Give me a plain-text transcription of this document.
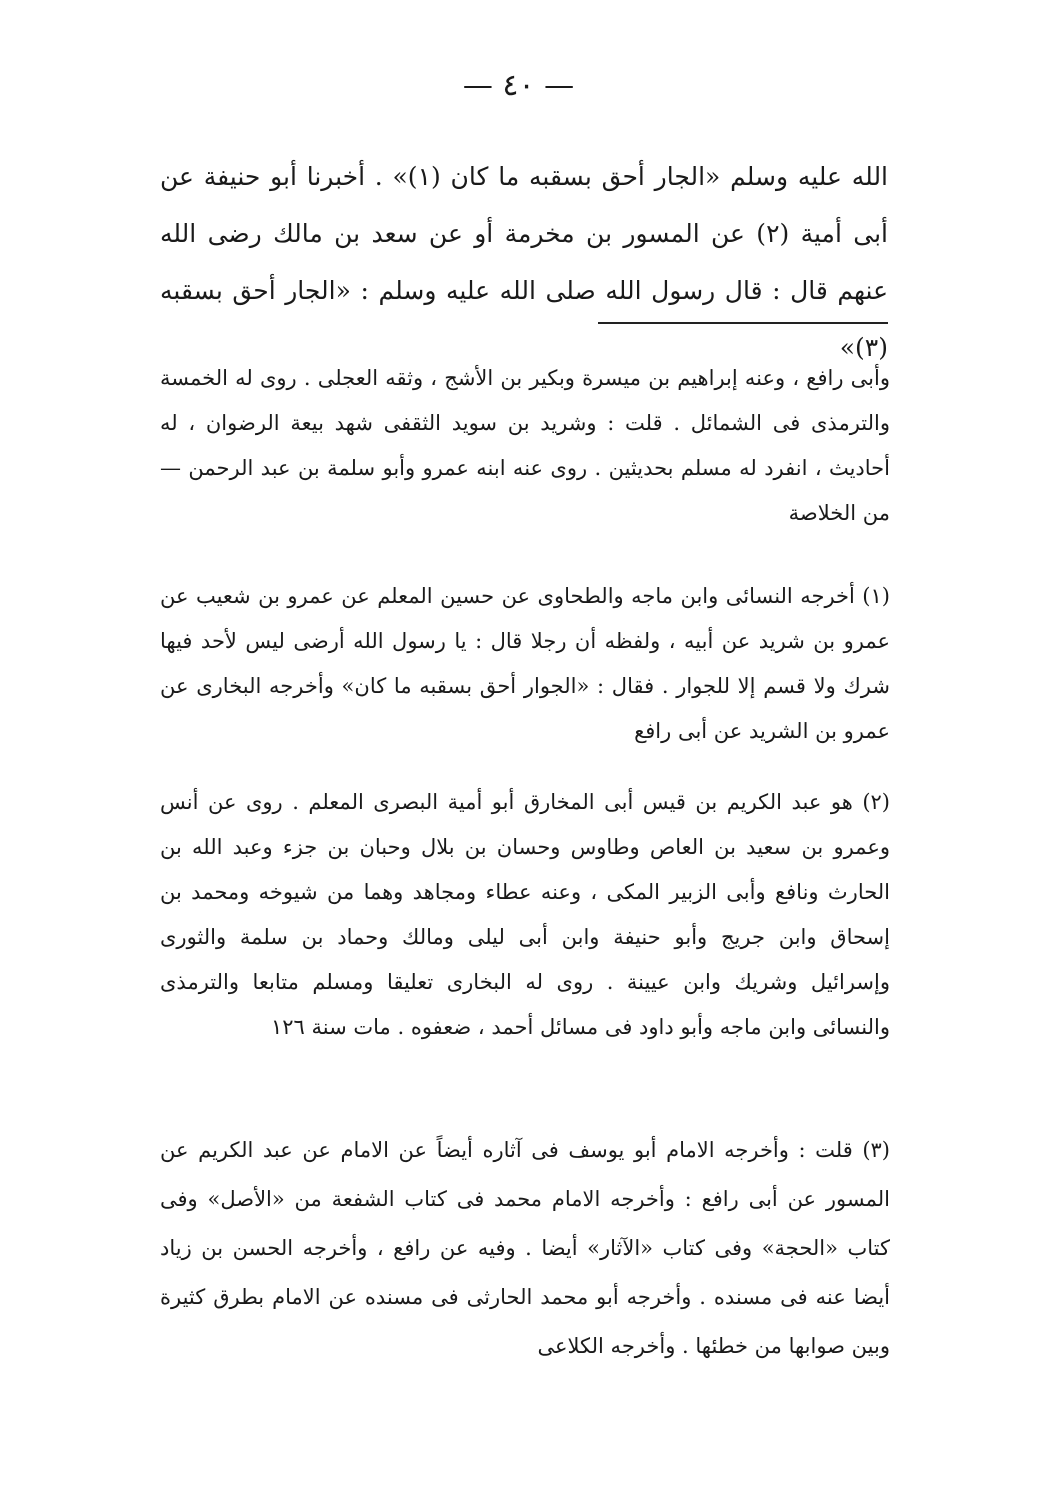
— ٤٠ —

الله عليه وسلم «الجار أحق بسقبه ما كان (١)» . أخبرنا أبو حنيفة عن أبى أمية (٢) عن المسور بن مخرمة أو عن سعد بن مالك رضى الله عنهم قال : قال رسول الله صلى الله عليه وسلم : «الجار أحق بسقبه (٣)»

وأبى رافع ، وعنه إبراهيم بن ميسرة وبكير بن الأشج ، وثقه العجلى . روى له الخمسة والترمذى فى الشمائل . قلت : وشريد بن سويد الثقفى شهد بيعة الرضوان ، له أحاديث ، انفرد له مسلم بحديثين . روى عنه ابنه عمرو وأبو سلمة بن عبد الرحمن — من الخلاصة

(١) أخرجه النسائى وابن ماجه والطحاوى عن حسين المعلم عن عمرو بن شعيب عن عمرو بن شريد عن أبيه ، ولفظه أن رجلا قال : يا رسول الله أرضى ليس لأحد فيها شرك ولا قسم إلا للجوار . فقال : «الجوار أحق بسقبه ما كان» وأخرجه البخارى عن عمرو بن الشريد عن أبى رافع

(٢) هو عبد الكريم بن قيس أبى المخارق أبو أمية البصرى المعلم . روى عن أنس وعمرو بن سعيد بن العاص وطاوس وحسان بن بلال وحبان بن جزء وعبد الله بن الحارث ونافع وأبى الزبير المكى ، وعنه عطاء ومجاهد وهما من شيوخه ومحمد بن إسحاق وابن جريج وأبو حنيفة وابن أبى ليلى ومالك وحماد بن سلمة والثورى وإسرائيل وشريك وابن عيينة . روى له البخارى تعليقا ومسلم متابعا والترمذى والنسائى وابن ماجه وأبو داود فى مسائل أحمد ، ضعفوه . مات سنة ١٢٦

(٣) قلت : وأخرجه الامام أبو يوسف فى آثاره أيضاً عن الامام عن عبد الكريم عن المسور عن أبى رافع : وأخرجه الامام محمد فى كتاب الشفعة من «الأصل» وفى كتاب «الحجة» وفى كتاب «الآثار» أيضا . وفيه عن رافع ، وأخرجه الحسن بن زياد أيضا عنه فى مسنده . وأخرجه أبو محمد الحارثى فى مسنده عن الامام بطرق كثيرة وبين صوابها من خطئها . وأخرجه الكلاعى
